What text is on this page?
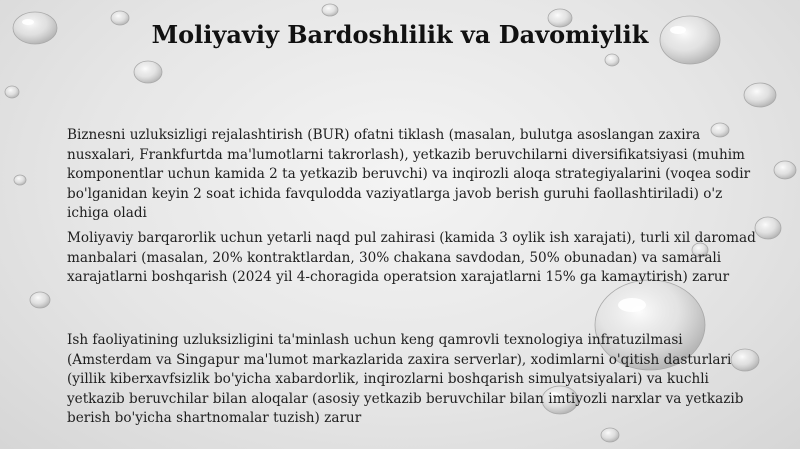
Moliyaviy Bardoshlilik va Davomiylik

Biznesni uzluksizligi rejalashtirish (BUR) ofatni tiklash (masalan, bulutga asoslangan zaxira nusxalari, Frankfurtda ma'lumotlarni takrorlash), yetkazib beruvchilarni diversifikatsiyasi (muhim komponentlar uchun kamida 2 ta yetkazib beruvchi) va inqirozli aloqa strategiyalarini (voqea sodir bo'lganidan keyin 2 soat ichida favqulodda vaziyatlarga javob berish guruhi faollashtiriladi) o'z ichiga oladi

Moliyaviy barqarorlik uchun yetarli naqd pul zahirasi (kamida 3 oylik ish xarajati), turli xil daromad manbalari (masalan, 20% kontraktlardan, 30% chakana savdodan, 50% obunadan) va samarali xarajatlarni boshqarish (2024 yil 4-choragida operatsion xarajatlarni 15% ga kamaytirish) zarur

Ish faoliyatining uzluksizligini ta'minlash uchun keng qamrovli texnologiya infratuzilmasi (Amsterdam va Singapur ma'lumot markazlarida zaxira serverlar), xodimlarni o'qitish dasturlari (yillik kiberxavfsizlik bo'yicha xabardorlik, inqirozlarni boshqarish simulyatsiyalari) va kuchli yetkazib beruvchilar bilan aloqalar (asosiy yetkazib beruvchilar bilan imtiyozli narxlar va yetkazib berish bo'yicha shartnomalar tuzish) zarur
